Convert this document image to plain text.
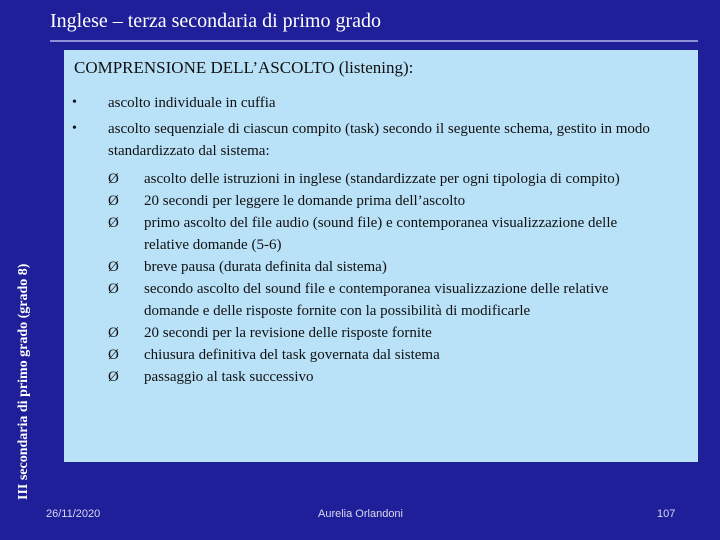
Inglese – terza secondaria di primo grado
III secondaria di primo grado (grado 8)
COMPRENSIONE DELL’ASCOLTO (listening):
• ascolto individuale in cuffia
• ascolto sequenziale di ciascun compito (task) secondo il seguente schema, gestito in modo standardizzato dal sistema:
Ø ascolto delle istruzioni in inglese (standardizzate per ogni tipologia di compito)
Ø 20 secondi per leggere le domande prima dell’ascolto
Ø primo ascolto del file audio (sound file) e contemporanea visualizzazione delle relative domande (5-6)
Ø breve pausa (durata definita dal sistema)
Ø secondo ascolto del sound file e contemporanea visualizzazione delle relative domande e delle risposte fornite con la possibilità di modificarle
Ø 20 secondi per la revisione delle risposte fornite
Ø chiusura definitiva del task governata dal sistema
Ø passaggio al task successivo
26/11/2020	Aurelia Orlandoni	107
